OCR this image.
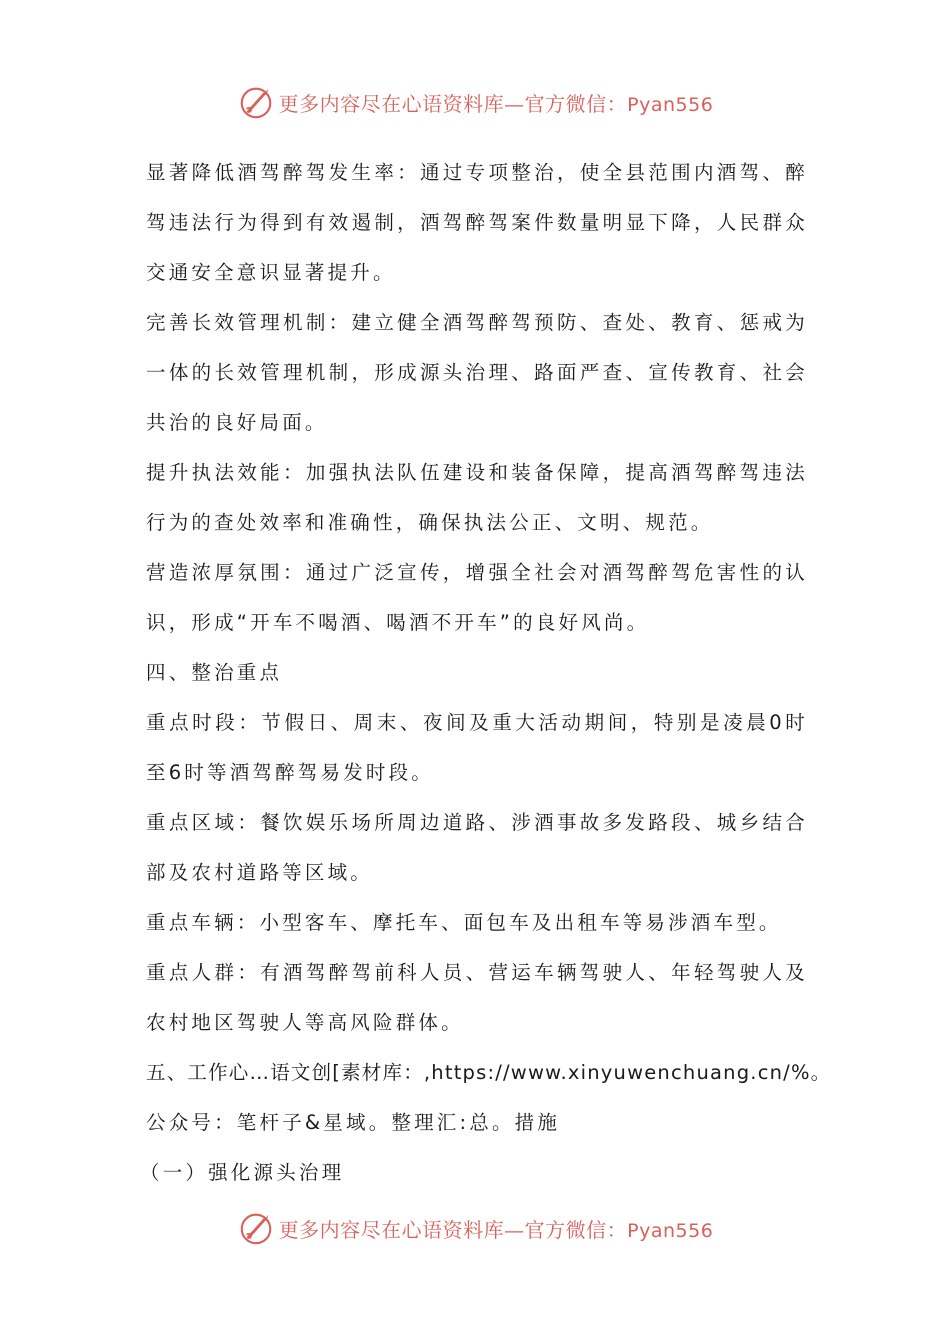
更多内容尽在心语资料库—官方微信：Pyan556

显著降低酒驾醉驾发生率：通过专项整治，使全县范围内酒驾、醉驾违法行为得到有效遏制，酒驾醉驾案件数量明显下降，人民群众交通安全意识显著提升。

完善长效管理机制：建立健全酒驾醉驾预防、查处、教育、惩戒为一体的长效管理机制，形成源头治理、路面严查、宣传教育、社会共治的良好局面。

提升执法效能：加强执法队伍建设和装备保障，提高酒驾醉驾违法行为的查处效率和准确性，确保执法公正、文明、规范。

营造浓厚氛围：通过广泛宣传，增强全社会对酒驾醉驾危害性的认识，形成“开车不喝酒、喝酒不开车”的良好风尚。

四、整治重点

重点时段：节假日、周末、夜间及重大活动期间，特别是凌晨0时至6时等酒驾醉驾易发时段。

重点区域：餐饮娱乐场所周边道路、涉酒事故多发路段、城乡结合部及农村道路等区域。

重点车辆：小型客车、摩托车、面包车及出租车等易涉酒车型。

重点人群：有酒驾醉驾前科人员、营运车辆驾驶人、年轻驾驶人及农村地区驾驶人等高风险群体。

五、工作心…语文创[素材库：,https://www.xinyuwenchuang.cn/%。

公众号：笔杆子&星域。整理汇:总。措施

（一）强化源头治理

更多内容尽在心语资料库—官方微信：Pyan556
